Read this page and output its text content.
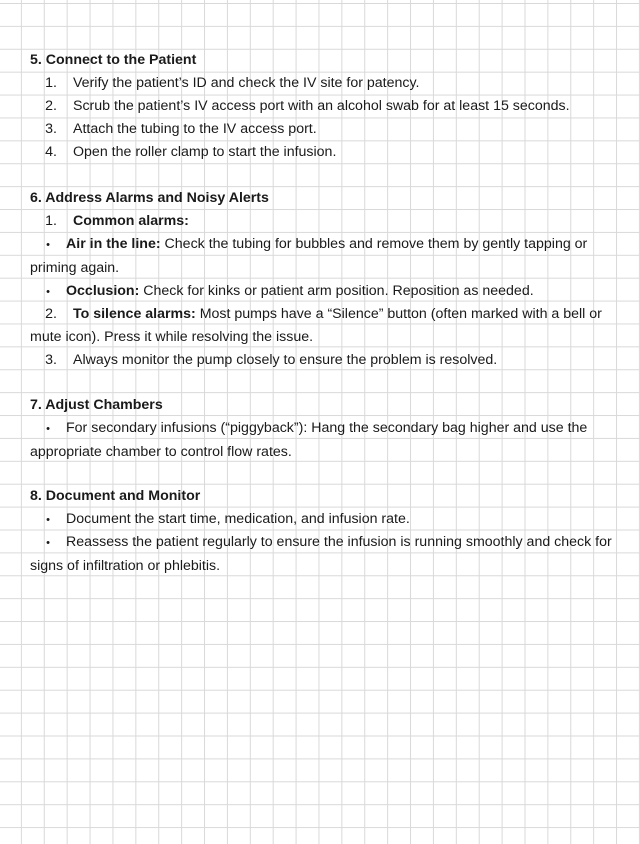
5. Connect to the Patient
1. Verify the patient’s ID and check the IV site for patency.
2. Scrub the patient’s IV access port with an alcohol swab for at least 15 seconds.
3. Attach the tubing to the IV access port.
4. Open the roller clamp to start the infusion.
6. Address Alarms and Noisy Alerts
1. Common alarms:
• Air in the line: Check the tubing for bubbles and remove them by gently tapping or priming again.
• Occlusion: Check for kinks or patient arm position. Reposition as needed.
2. To silence alarms: Most pumps have a “Silence” button (often marked with a bell or mute icon). Press it while resolving the issue.
3. Always monitor the pump closely to ensure the problem is resolved.
7. Adjust Chambers
• For secondary infusions (“piggyback”): Hang the secondary bag higher and use the appropriate chamber to control flow rates.
8. Document and Monitor
• Document the start time, medication, and infusion rate.
• Reassess the patient regularly to ensure the infusion is running smoothly and check for signs of infiltration or phlebitis.
